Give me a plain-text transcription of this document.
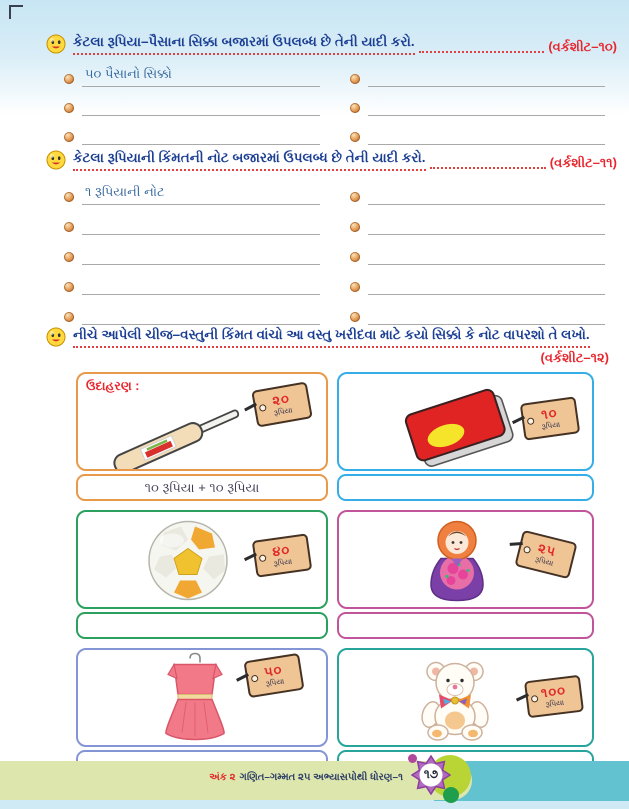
કેટલા રૂપિયા–પૈસાના સિક્કા બજારમાં ઉપલબ્ધ છે તેની યાદી કરો.	(વર્કશીટ–૧૦)
૫૦ પૈસાનો સિક્કો
કેટલા રૂપિયાની કિંમતની નોટ બજારમાં ઉપલબ્ધ છે તેની યાદી કરો.	(વર્કશીટ–૧૧)
૧ રૂપિયાની નોટ
નીચે આપેલી ચીજ–વસ્તુની કિંમત વાંચો આ વસ્તુ ખરીદવા માટે કયો સિક્કો કે નોટ વાપરશો તે લખો.
(વર્કશીટ–૧૨)
ઉદાહરણ :
૨૦
રૂપિયા
૧૦ રૂપિયા + ૧૦ રૂપિયા
૧૦
રૂપિયા
૪૦
રૂપિયા
૨૫
રૂપિયા
૫૦
રૂપિયા
૧૦૦
રૂપિયા
અંક ૨ ગણિત–ગમ્મત ૨૫ અભ્યાસપોથી ધોરણ–૧	૧૭
